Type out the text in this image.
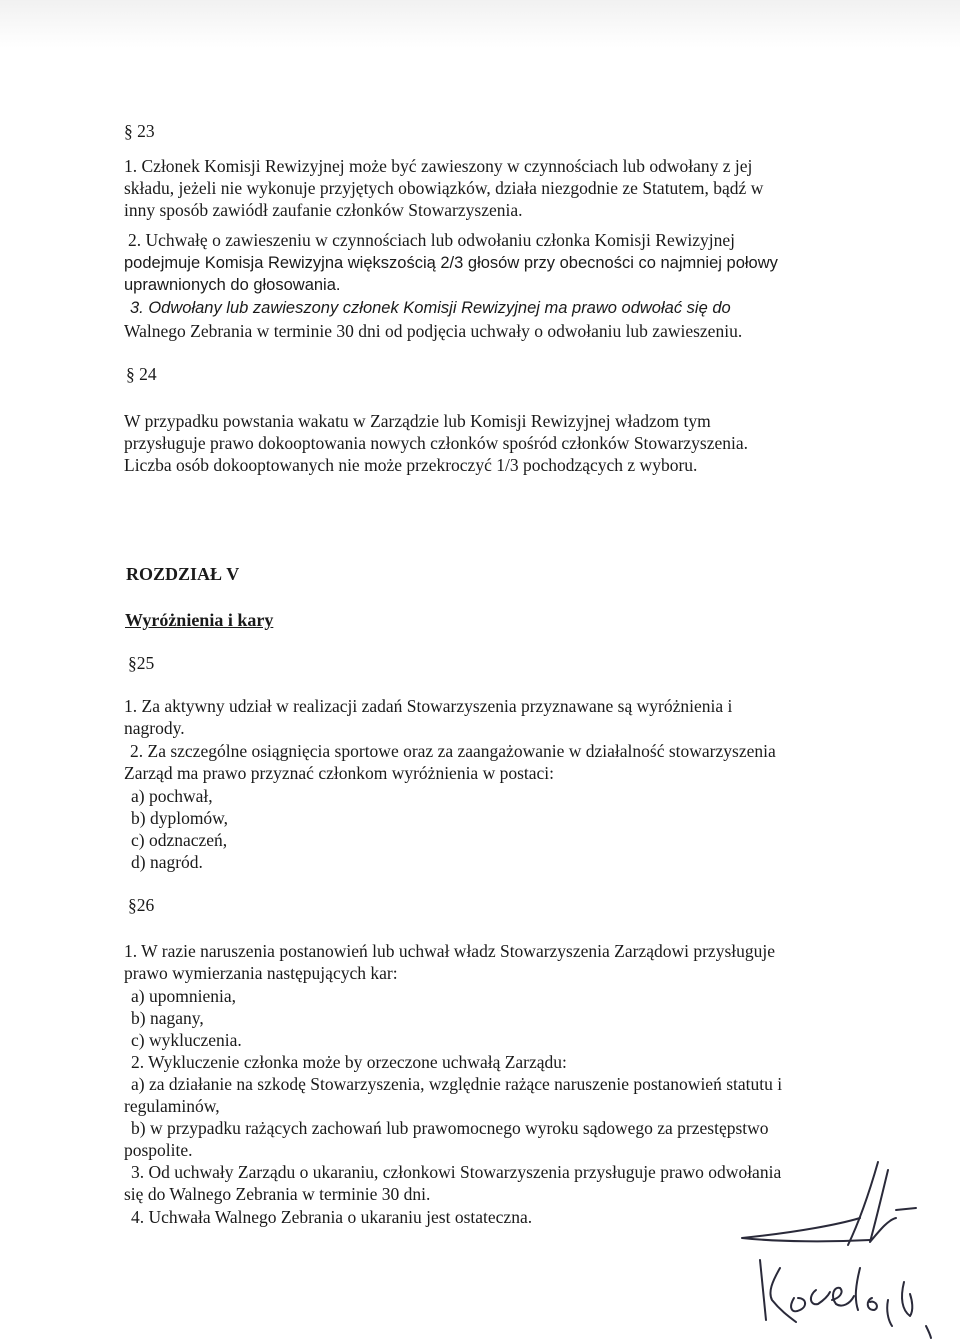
§ 23
1. Członek Komisji Rewizyjnej może być zawieszony w czynnościach lub odwołany z jej
składu, jeżeli nie wykonuje przyjętych obowiązków, działa niezgodnie ze Statutem, bądź w
inny sposób zawiódł zaufanie członków Stowarzyszenia.
2. Uchwałę o zawieszeniu w czynnościach lub odwołaniu członka Komisji Rewizyjnej
podejmuje Komisja Rewizyjna większością 2/3 głosów przy obecności co najmniej połowy
uprawnionych do głosowania.
3. Odwołany lub zawieszony członek Komisji Rewizyjnej ma prawo odwołać się do
Walnego Zebrania w terminie 30 dni od podjęcia uchwały o odwołaniu lub zawieszeniu.
§ 24
W przypadku powstania wakatu w Zarządzie lub Komisji Rewizyjnej władzom tym
przysługuje prawo dokooptowania nowych członków spośród członków Stowarzyszenia.
Liczba osób dokooptowanych nie może przekroczyć 1/3 pochodzących z wyboru.
ROZDZIAŁ V
Wyróżnienia i kary
§25
1. Za aktywny udział w realizacji zadań Stowarzyszenia przyznawane są wyróżnienia i
nagrody.
2. Za szczególne osiągnięcia sportowe oraz za zaangażowanie w działalność stowarzyszenia
Zarząd ma prawo przyznać członkom wyróżnienia w postaci:
a) pochwał,
b) dyplomów,
c) odznaczeń,
d) nagród.
§26
1. W razie naruszenia postanowień lub uchwał władz Stowarzyszenia Zarządowi przysługuje
prawo wymierzania następujących kar:
a) upomnienia,
b) nagany,
c) wykluczenia.
2. Wykluczenie członka może by orzeczone uchwałą Zarządu:
a) za działanie na szkodę Stowarzyszenia, względnie rażące naruszenie postanowień statutu i
regulaminów,
b) w przypadku rażących zachowań lub prawomocnego wyroku sądowego za przestępstwo
pospolite.
3. Od uchwały Zarządu o ukaraniu, członkowi Stowarzyszenia przysługuje prawo odwołania
się do Walnego Zebrania w terminie 30 dni.
4. Uchwała Walnego Zebrania o ukaraniu jest ostateczna.
